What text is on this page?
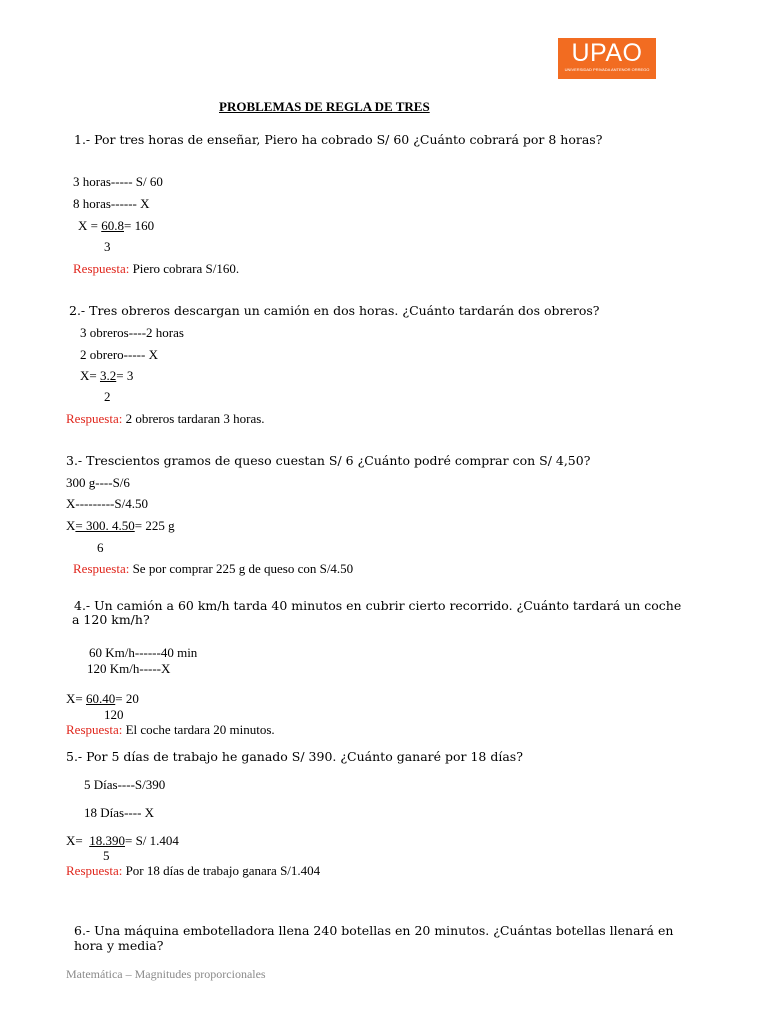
UPAO
UNIVERSIDAD PRIVADA ANTENOR ORREGO
PROBLEMAS DE REGLA DE TRES
1.- Por tres horas de enseñar, Piero ha cobrado S/ 60 ¿Cuánto cobrará por 8 horas?
3 horas----- S/ 60
8 horas------ X
X = 60.8= 160
3
Respuesta: Piero cobrara S/160.
2.- Tres obreros descargan un camión en dos horas. ¿Cuánto tardarán dos obreros?
3 obreros----2 horas
2 obrero----- X
X= 3.2= 3
2
Respuesta: 2 obreros tardaran 3 horas.
3.- Trescientos gramos de queso cuestan S/ 6 ¿Cuánto podré comprar con S/ 4,50?
300 g----S/6
X---------S/4.50
X= 300. 4.50= 225 g
6
Respuesta: Se por comprar 225 g de queso con S/4.50
4.- Un camión a 60 km/h tarda 40 minutos en cubrir cierto recorrido. ¿Cuánto tardará un coche
a 120 km/h?
60 Km/h------40 min
120 Km/h-----X
X= 60.40= 20
120
Respuesta: El coche tardara 20 minutos.
5.- Por 5 días de trabajo he ganado S/ 390. ¿Cuánto ganaré por 18 días?
5 Días----S/390
18 Días---- X
X=  18.390= S/ 1.404
5
Respuesta: Por 18 días de trabajo ganara S/1.404
6.- Una máquina embotelladora llena 240 botellas en 20 minutos. ¿Cuántas botellas llenará en
hora y media?
Matemática – Magnitudes proporcionales
